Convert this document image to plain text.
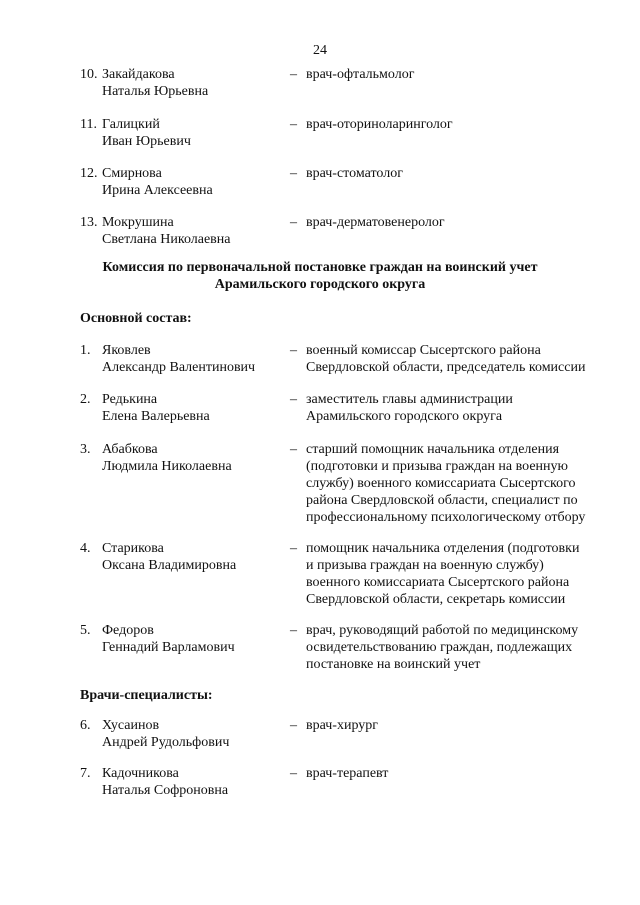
24
10. Закайдакова
Наталья Юрьевна
– врач-офтальмолог
11. Галицкий
Иван Юрьевич
– врач-оториноларинголог
12. Смирнова
Ирина Алексеевна
– врач-стоматолог
13. Мокрушина
Светлана Николаевна
– врач-дерматовенеролог
Комиссия по первоначальной постановке граждан на воинский учет
Арамильского городского округа
Основной состав:
1. Яковлев
Александр Валентинович
– военный комиссар Сысертского района
Свердловской области, председатель комиссии
2. Редькина
Елена Валерьевна
– заместитель главы администрации
Арамильского городского округа
3. Абабкова
Людмила Николаевна
– старший помощник начальника отделения
(подготовки и призыва граждан на военную
службу) военного комиссариата Сысертского
района Свердловской области, специалист по
профессиональному психологическому отбору
4. Старикова
Оксана Владимировна
– помощник начальника отделения (подготовки
и призыва граждан на военную службу)
военного комиссариата Сысертского района
Свердловской области, секретарь комиссии
5. Федоров
Геннадий Варламович
– врач, руководящий работой по медицинскому
освидетельствованию граждан, подлежащих
постановке на воинский учет
Врачи-специалисты:
6. Хусаинов
Андрей Рудольфович
– врач-хирург
7. Кадочникова
Наталья Софроновна
– врач-терапевт
